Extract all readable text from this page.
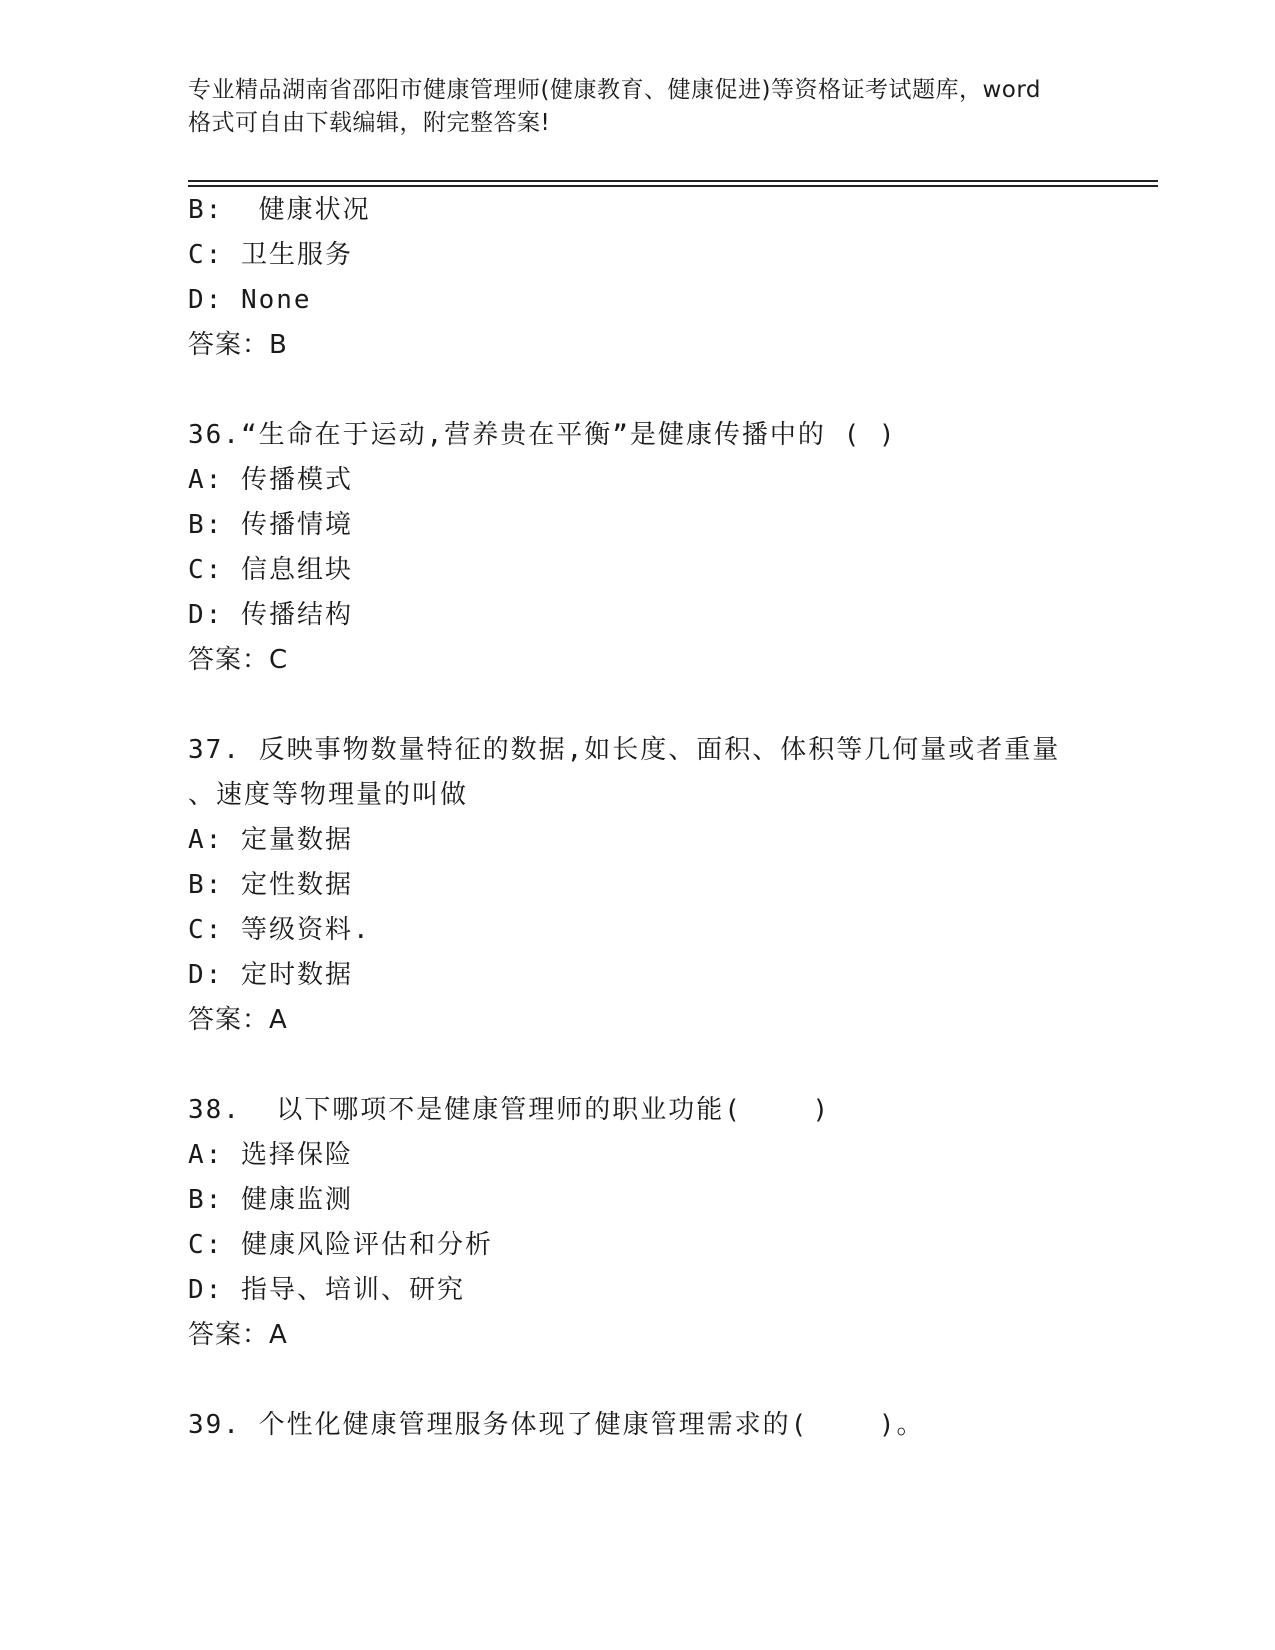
专业精品湖南省邵阳市健康管理师(健康教育、健康促进)等资格证考试题库，word
格式可自由下载编辑，附完整答案!
B:  健康状况
C: 卫生服务
D: None
答案：B
36.“生命在于运动,营养贵在平衡”是健康传播中的 ( )
A: 传播模式
B: 传播情境
C: 信息组块
D: 传播结构
答案：C
37. 反映事物数量特征的数据,如长度、面积、体积等几何量或者重量
、速度等物理量的叫做
A: 定量数据
B: 定性数据
C: 等级资料.
D: 定时数据
答案：A
38.  以下哪项不是健康管理师的职业功能(    )
A: 选择保险
B: 健康监测
C: 健康风险评估和分析
D: 指导、培训、研究
答案：A
39. 个性化健康管理服务体现了健康管理需求的(    )。
